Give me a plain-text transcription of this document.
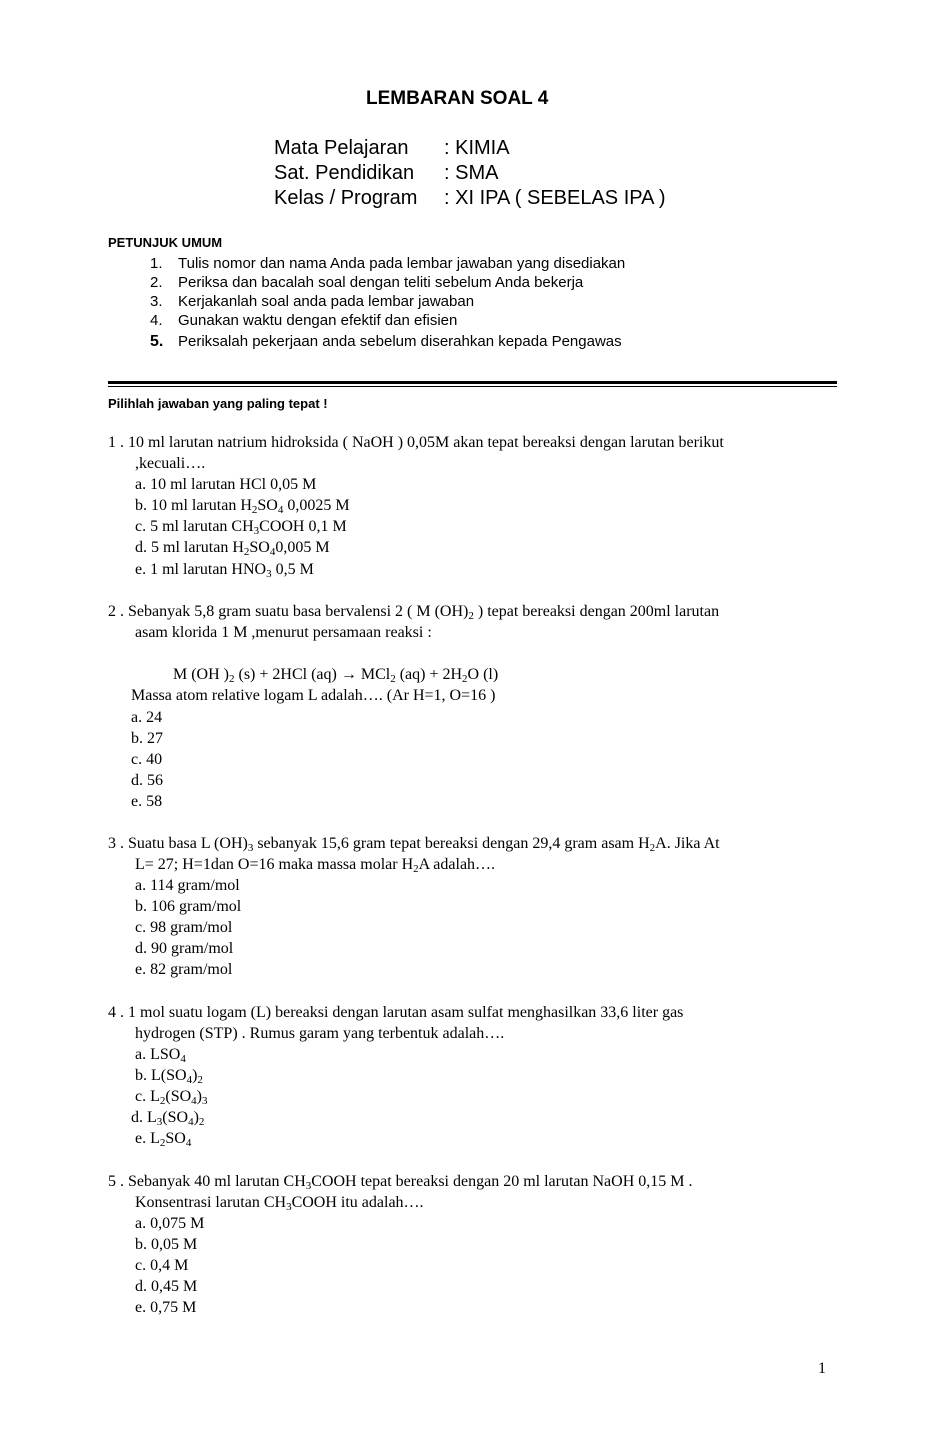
LEMBARAN SOAL 4
Mata Pelajaran : KIMIA
Sat. Pendidikan : SMA
Kelas / Program : XI IPA ( SEBELAS IPA )
PETUNJUK UMUM
1. Tulis nomor dan nama Anda pada lembar jawaban yang disediakan
2. Periksa dan bacalah soal dengan teliti sebelum Anda bekerja
3. Kerjakanlah soal anda pada lembar jawaban
4. Gunakan waktu dengan efektif dan efisien
5. Periksalah pekerjaan anda sebelum diserahkan kepada Pengawas
Pilihlah jawaban yang paling tepat !
1 . 10 ml larutan natrium hidroksida ( NaOH ) 0,05M akan tepat bereaksi dengan larutan berikut
,kecuali….
a. 10 ml larutan HCl 0,05 M
b. 10 ml larutan $H_2SO_4$ 0,0025 M
c. 5 ml larutan $CH_3COOH$ 0,1 M
d. 5 ml larutan $H_2SO_40,005$ M
e. 1 ml larutan $HNO_3$ 0,5 M
2 . Sebanyak 5,8 gram suatu basa bervalensi 2 ( M $(OH)_2$ ) tepat bereaksi dengan 200ml larutan
asam klorida 1 M ,menurut persamaan reaksi :
M (OH )$_2$ (s) + 2HCl (aq) → MCl$_2$ $(aq) + 2H_2O$ (l)
Massa atom relative logam L adalah…. (Ar H=1, O=16 )
a. 24
b. 27
c. 40
d. 56
e. 58
3 . Suatu basa L $(OH)_3$ sebanyak 15,6 gram tepat bereaksi dengan 29,4 gram asam $H_2A$. Jika At
L= 27; H=1dan O=16 maka massa molar $H_2A$ adalah….
a. 114 gram/mol
b. 106 gram/mol
c. 98 gram/mol
d. 90 gram/mol
e. 82 gram/mol
4 . 1 mol suatu logam (L) bereaksi dengan larutan asam sulfat menghasilkan 33,6 liter gas
hydrogen (STP) . Rumus garam yang terbentuk adalah….
a. $LSO_4$
b. $L(SO_4)_2$
c. $L_2(SO_4)_3$
d. $L_3(SO_4)_2$
e. $L_2SO_4$
5 . Sebanyak 40 ml larutan $CH_3COOH$ tepat bereaksi dengan 20 ml larutan NaOH 0,15 M .
Konsentrasi larutan $CH_3COOH$ itu adalah….
a. 0,075 M
b. 0,05 M
c. 0,4 M
d. 0,45 M
e. 0,75 M
1
